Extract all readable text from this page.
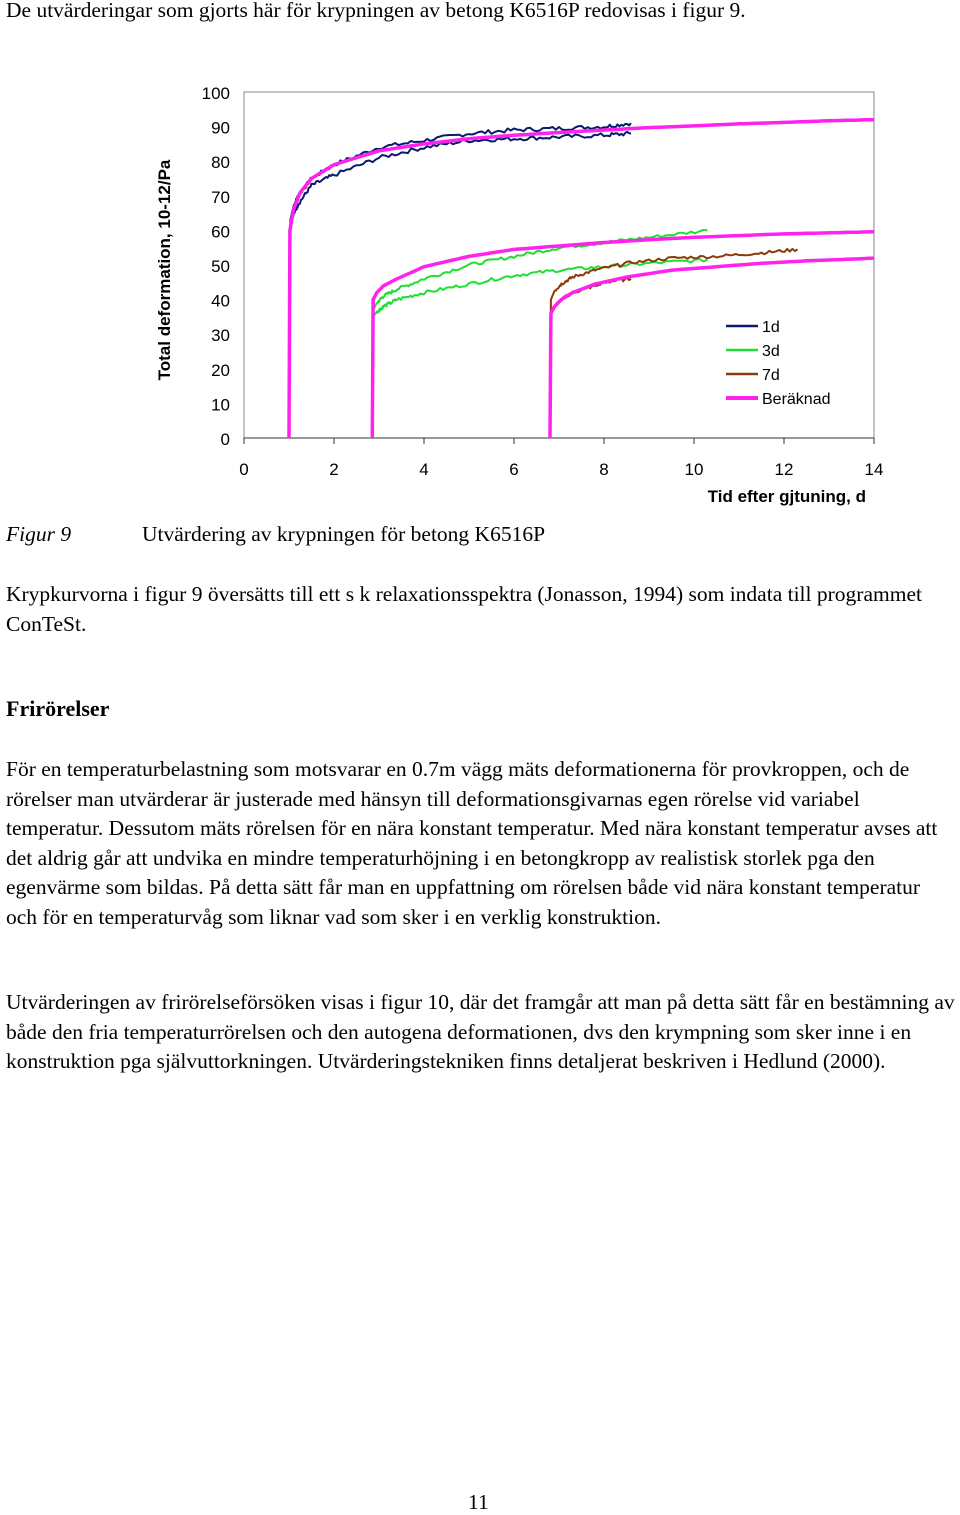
De utvärderingar som gjorts här för krypningen av betong K6516P redovisas i figur 9.

0
10
20
30
40
50
60
70
80
90
100
0	2	4	6	8	10	12	14
Total deformation, 10-12/Pa
Tid efter gjtuning, d
1d
3d
7d
Beräknad
Figur 9	Utvärdering av krypningen för betong K6516P

Krypkurvorna i figur 9 översätts till ett s k relaxationsspektra (Jonasson, 1994) som indata till programmet ConTeSt.

Frirörelser

För en temperaturbelastning som motsvarar en 0.7m vägg mäts deformationerna för provkroppen, och de rörelser man utvärderar är justerade med hänsyn till deformationsgivarnas egen rörelse vid variabel temperatur. Dessutom mäts rörelsen för en nära konstant temperatur. Med nära konstant temperatur avses att det aldrig går att undvika en mindre temperaturhöjning i en betongkropp av realistisk storlek pga den egenvärme som bildas. På detta sätt får man en uppfattning om rörelsen både vid nära konstant temperatur och för en temperaturvåg som liknar vad som sker i en verklig konstruktion.

Utvärderingen av frirörelseförsöken visas i figur 10, där det framgår att man på detta sätt får en bestämning av både den fria temperaturrörelsen och den autogena deformationen, dvs den krympning som sker inne i en konstruktion pga självuttorkningen. Utvärderingstekniken finns detaljerat beskriven i Hedlund (2000).

11
